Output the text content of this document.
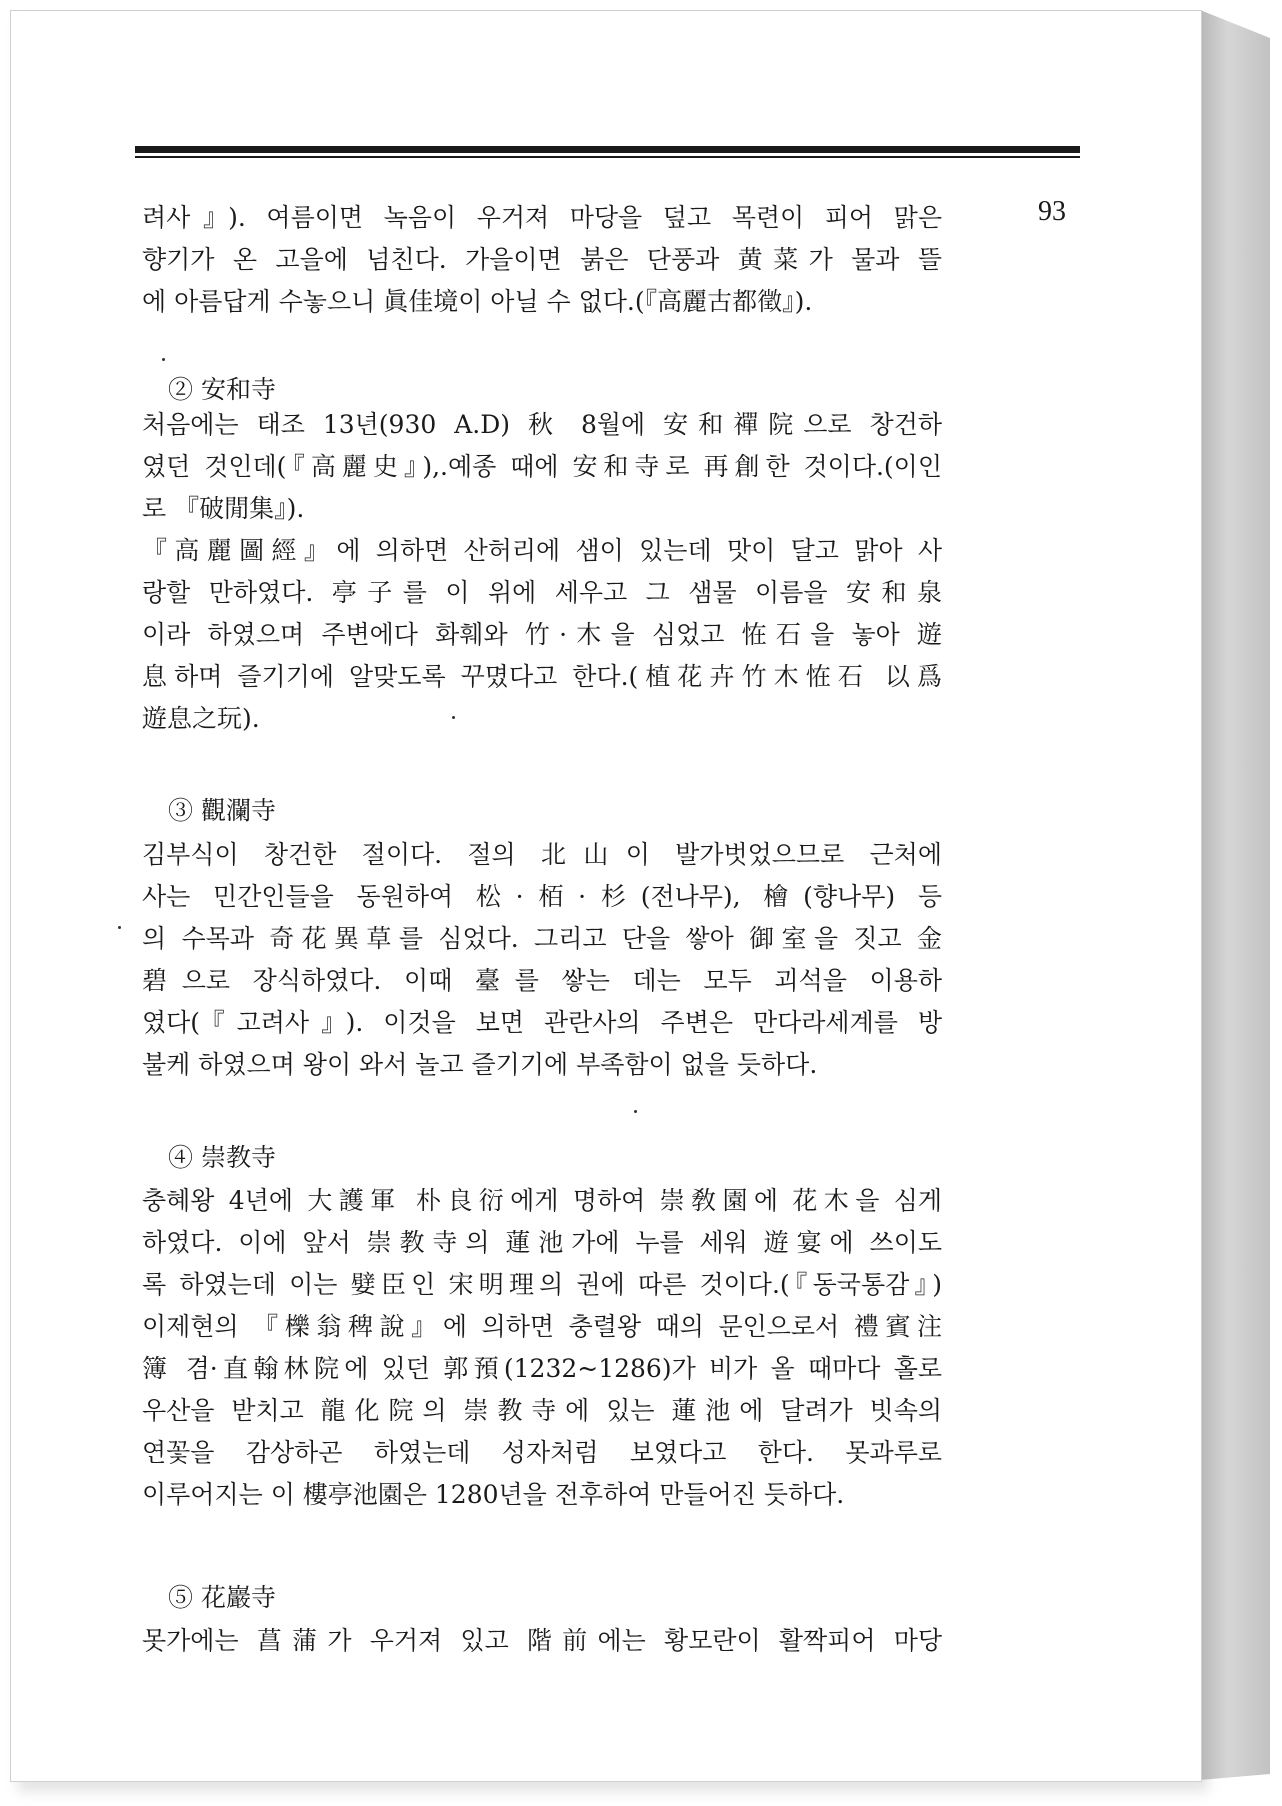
93
려사』). 여름이면 녹음이 우거져 마당을 덮고 목련이 피어 맑은
향기가 온 고을에 넘친다. 가을이면 붉은 단풍과 黄菜가 물과 뜰
에 아름답게 수놓으니 眞佳境이 아닐 수 없다.(『高麗古都徵』).
② 安和寺
처음에는 태조 13년(930 A.D) 秋 8월에 安和禪院으로 창건하
였던 것인데(『高麗史』),.예종 때에 安和寺로 再創한 것이다.(이인
로 『破閒集』).
『高麗圖經』에 의하면 산허리에 샘이 있는데 맛이 달고 맑아 사
랑할 만하였다. 亭子를 이 위에 세우고 그 샘물 이름을 安和泉
이라 하였으며 주변에다 화훼와 竹·木을 심었고 恠石을 놓아 遊
息하며 즐기기에 알맞도록 꾸몄다고 한다.(植花卉竹木恠石 以爲
遊息之玩).
③ 觀瀾寺
김부식이 창건한 절이다. 절의 北山이 발가벗었으므로 근처에
사는 민간인들을 동원하여 松·栢·杉(전나무), 檜(향나무) 등
의 수목과 奇花異草를 심었다. 그리고 단을 쌓아 御室을 짓고 金
碧으로 장식하였다. 이때 臺를 쌓는 데는 모두 괴석을 이용하
였다(『고려사』). 이것을 보면 관란사의 주변은 만다라세계를 방
불케 하였으며 왕이 와서 놀고 즐기기에 부족함이 없을 듯하다.
④ 崇教寺
충혜왕 4년에 大護軍 朴良衍에게 명하여 崇敎園에 花木을 심게
하였다. 이에 앞서 崇教寺의 蓮池가에 누를 세워 遊宴에 쓰이도
록 하였는데 이는 嬖臣인 宋明理의 권에 따른 것이다.(『동국통감』)
이제현의 『櫟翁稗說』에 의하면 충렬왕 때의 문인으로서 禮賓注
簿 겸·直翰林院에 있던 郭預(1232~1286)가 비가 올 때마다 홀로
우산을 받치고 龍化院의 崇教寺에 있는 蓮池에 달려가 빗속의
연꽃을 감상하곤 하였는데 성자처럼 보였다고 한다. 못과루로
이루어지는 이 樓亭池園은 1280년을 전후하여 만들어진 듯하다.
⑤ 花巖寺
못가에는 菖蒲가 우거져 있고 階前에는 황모란이 활짝피어 마당
